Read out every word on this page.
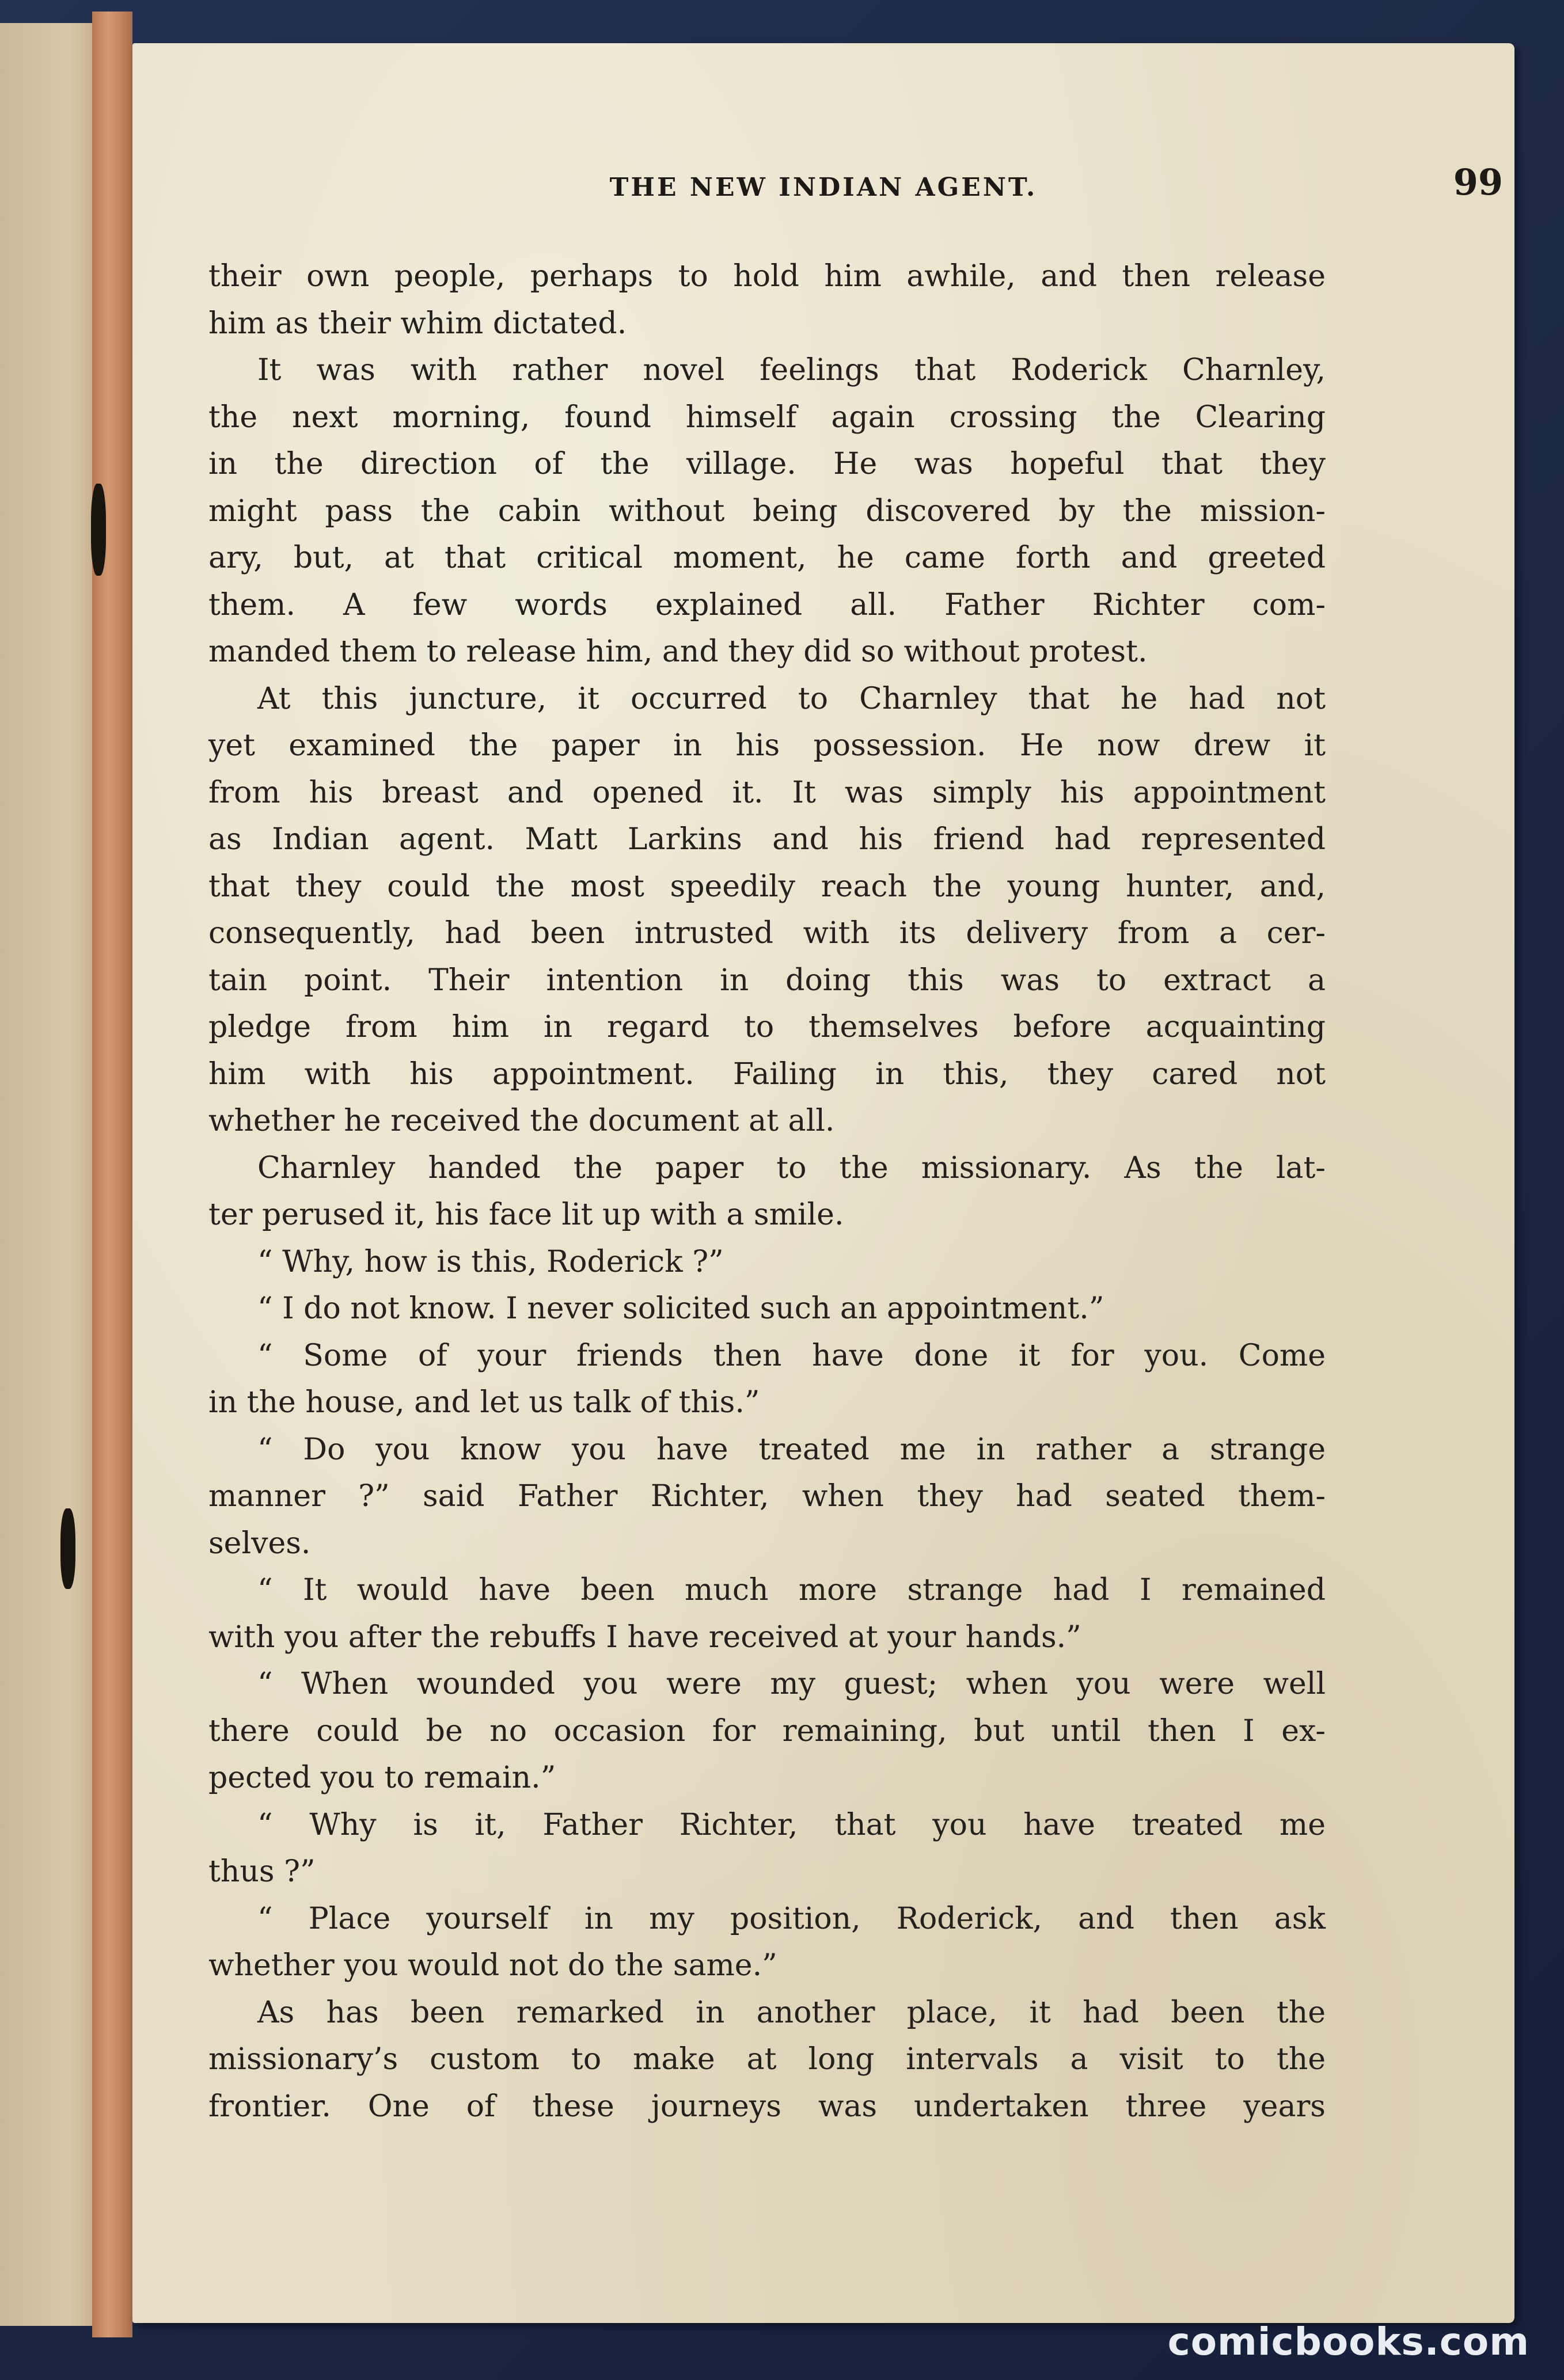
THE NEW INDIAN AGENT.	99
their own people, perhaps to hold him awhile, and then release
him as their whim dictated.
It was with rather novel feelings that Roderick Charnley,
the next morning, found himself again crossing the Clearing
in the direction of the village. He was hopeful that they
might pass the cabin without being discovered by the mission-
ary, but, at that critical moment, he came forth and greeted
them. A few words explained all. Father Richter com-
manded them to release him, and they did so without protest.
At this juncture, it occurred to Charnley that he had not
yet examined the paper in his possession. He now drew it
from his breast and opened it. It was simply his appointment
as Indian agent. Matt Larkins and his friend had represented
that they could the most speedily reach the young hunter, and,
consequently, had been intrusted with its delivery from a cer-
tain point. Their intention in doing this was to extract a
pledge from him in regard to themselves before acquainting
him with his appointment. Failing in this, they cared not
whether he received the document at all.
Charnley handed the paper to the missionary. As the lat-
ter perused it, his face lit up with a smile.
“ Why, how is this, Roderick ?”
“ I do not know. I never solicited such an appointment.”
“ Some of your friends then have done it for you. Come
in the house, and let us talk of this.”
“ Do you know you have treated me in rather a strange
manner ?” said Father Richter, when they had seated them-
selves.
“ It would have been much more strange had I remained
with you after the rebuffs I have received at your hands.”
“ When wounded you were my guest; when you were well
there could be no occasion for remaining, but until then I ex-
pected you to remain.”
“ Why is it, Father Richter, that you have treated me
thus ?”
“ Place yourself in my position, Roderick, and then ask
whether you would not do the same.”
As has been remarked in another place, it had been the
missionary’s custom to make at long intervals a visit to the
frontier. One of these journeys was undertaken three years
comicbooks.com
